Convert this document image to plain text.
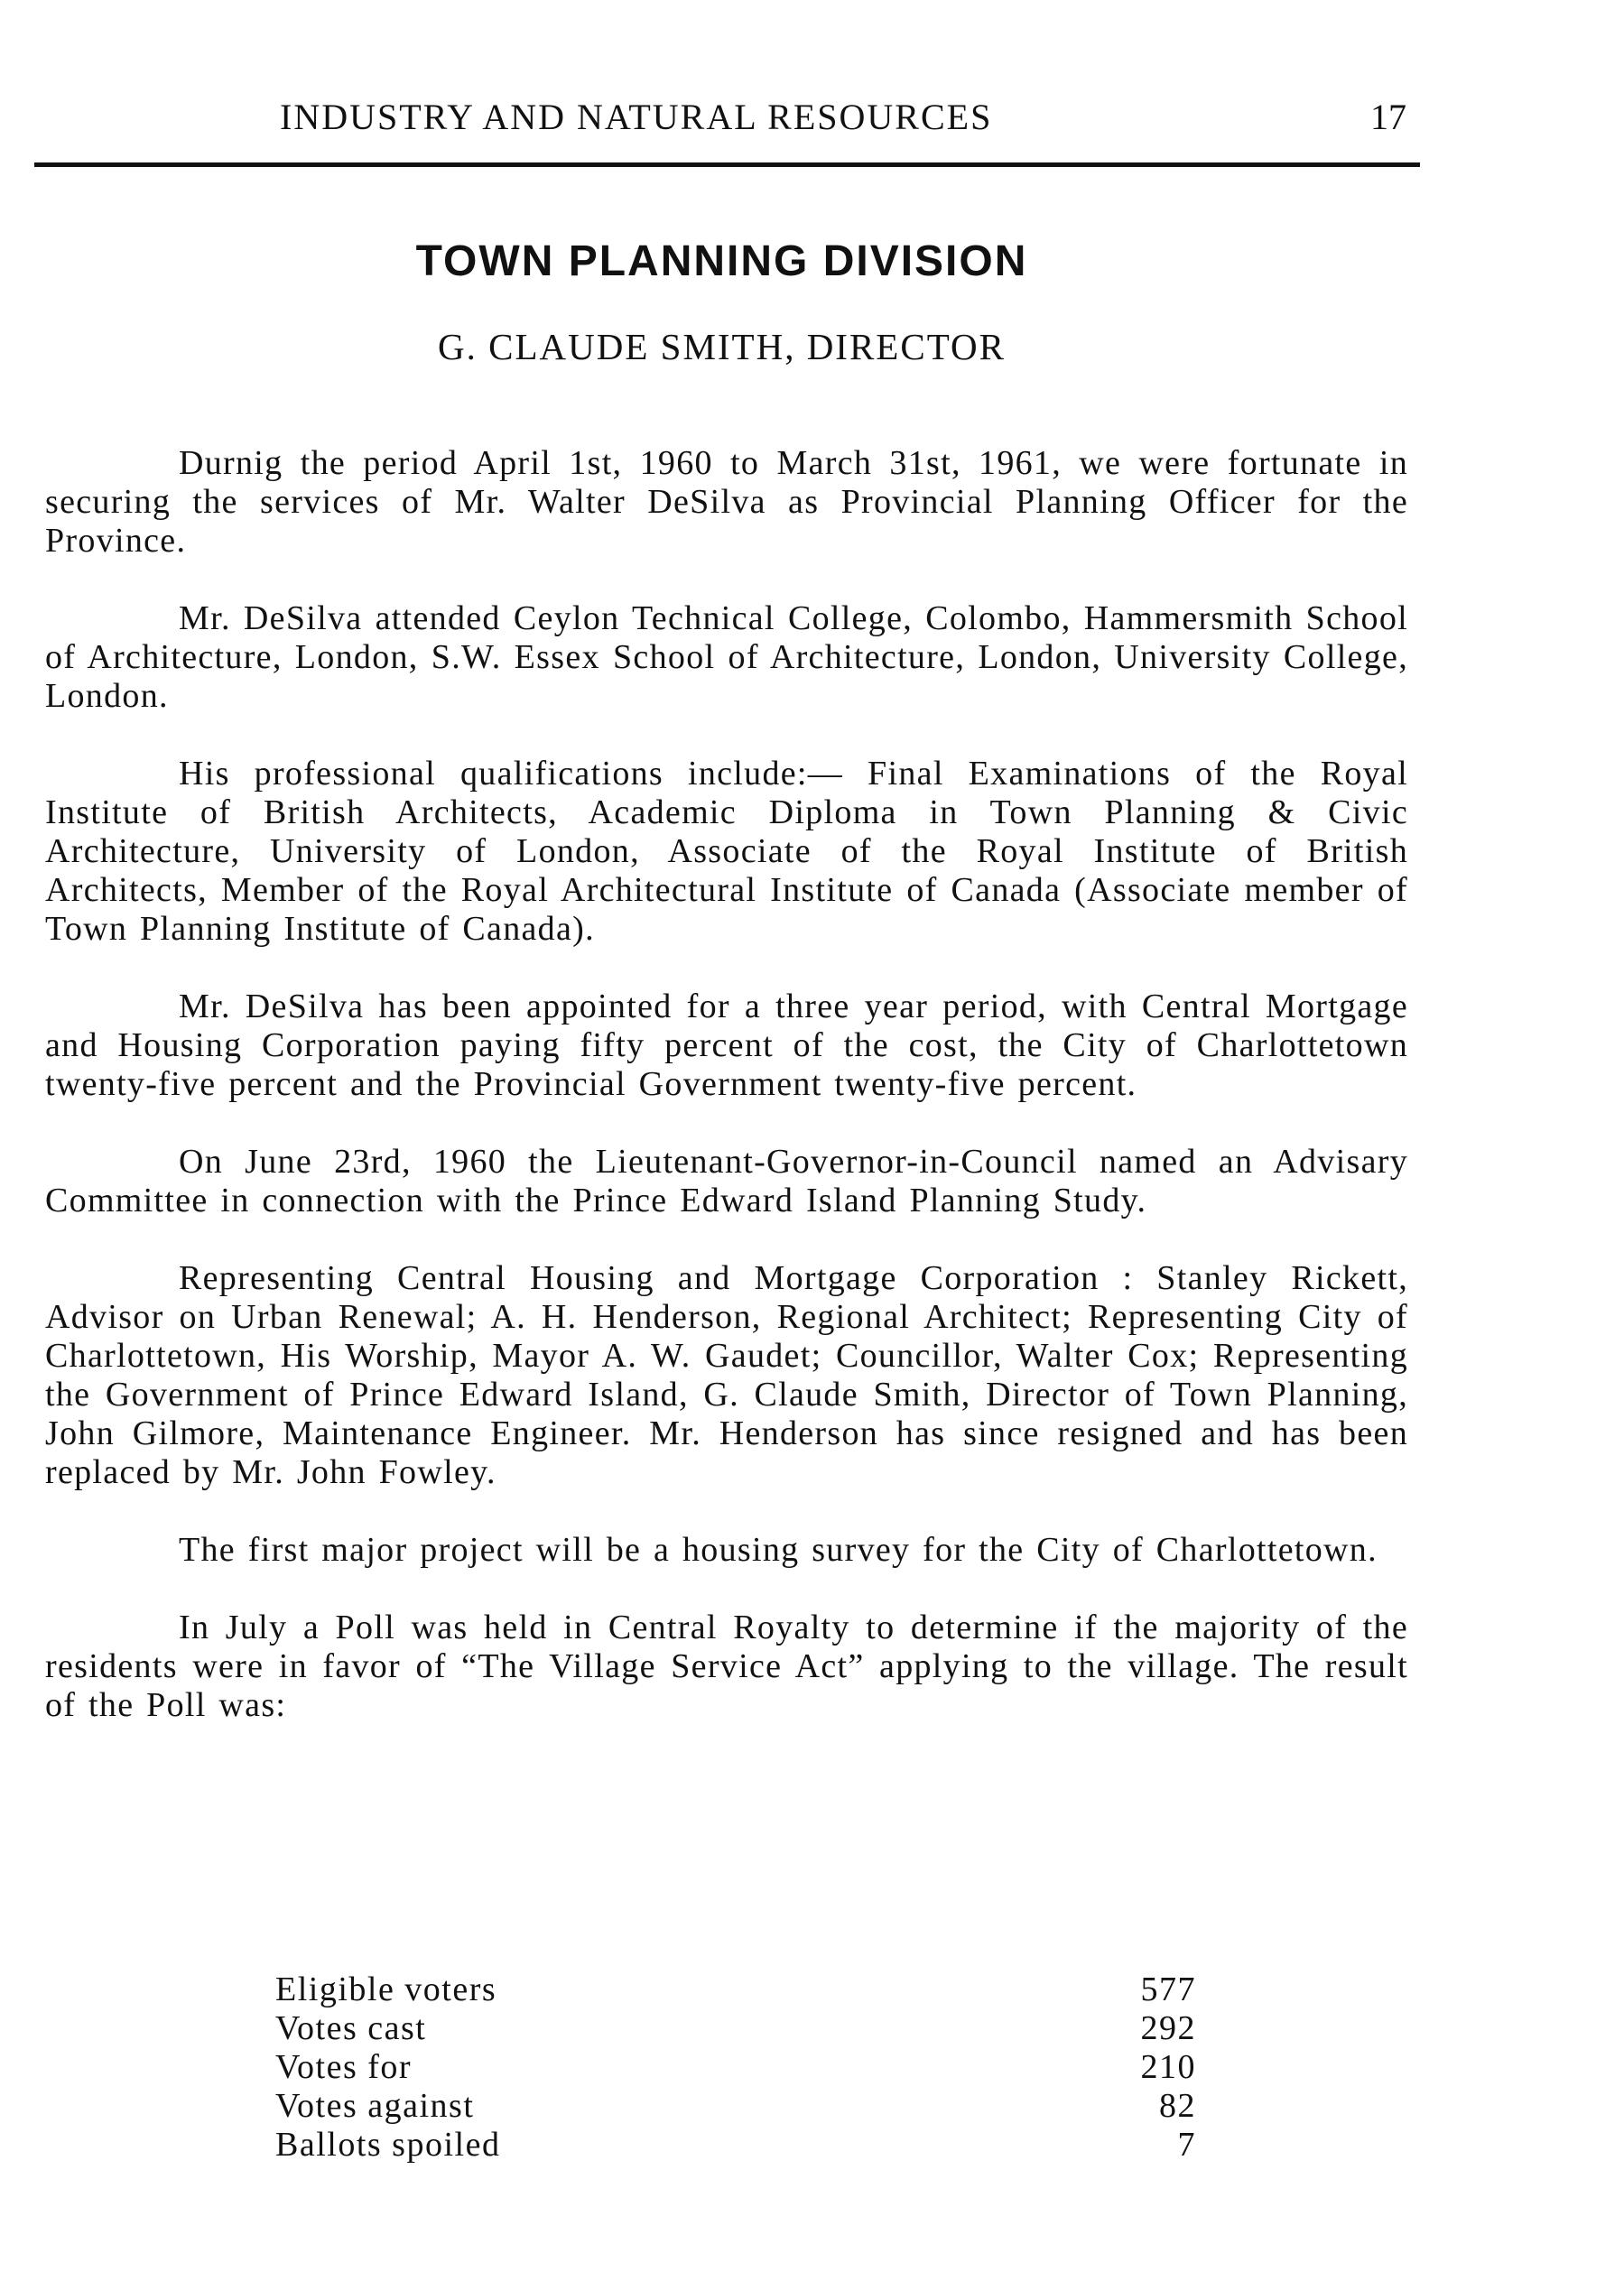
INDUSTRY AND NATURAL RESOURCES	17
TOWN PLANNING DIVISION
G. CLAUDE SMITH, DIRECTOR

Durnig the period April 1st, 1960 to March 31st, 1961, we were fortunate in securing the services of Mr. Walter DeSilva as Provincial Planning Officer for the Province.

Mr. DeSilva attended Ceylon Technical College, Colombo, Hammersmith School of Architecture, London, S.W. Essex School of Architecture, London, University College, London.

His professional qualifications include:— Final Examinations of the Royal Institute of British Architects, Academic Diploma in Town Planning & Civic Architecture, University of London, Associate of the Royal Institute of British Architects, Member of the Royal Architectural Institute of Canada (Associate member of Town Planning Institute of Canada).

Mr. DeSilva has been appointed for a three year period, with Central Mortgage and Housing Corporation paying fifty percent of the cost, the City of Charlottetown twenty-five percent and the Provincial Government twenty-five percent.

On June 23rd, 1960 the Lieutenant-Governor-in-Council named an Advisary Committee in connection with the Prince Edward Island Planning Study.

Representing Central Housing and Mortgage Corporation : Stanley Rickett, Advisor on Urban Renewal; A. H. Henderson, Regional Architect; Representing City of Charlottetown, His Worship, Mayor A. W. Gaudet; Councillor, Walter Cox; Representing the Government of Prince Edward Island, G. Claude Smith, Director of Town Planning, John Gilmore, Maintenance Engineer. Mr. Henderson has since resigned and has been replaced by Mr. John Fowley.

The first major project will be a housing survey for the City of Charlottetown.

In July a Poll was held in Central Royalty to determine if the majority of the residents were in favor of “The Village Service Act” applying to the village. The result of the Poll was:

Eligible voters	577
Votes cast	292
Votes for	210
Votes against	82
Ballots spoiled	7
